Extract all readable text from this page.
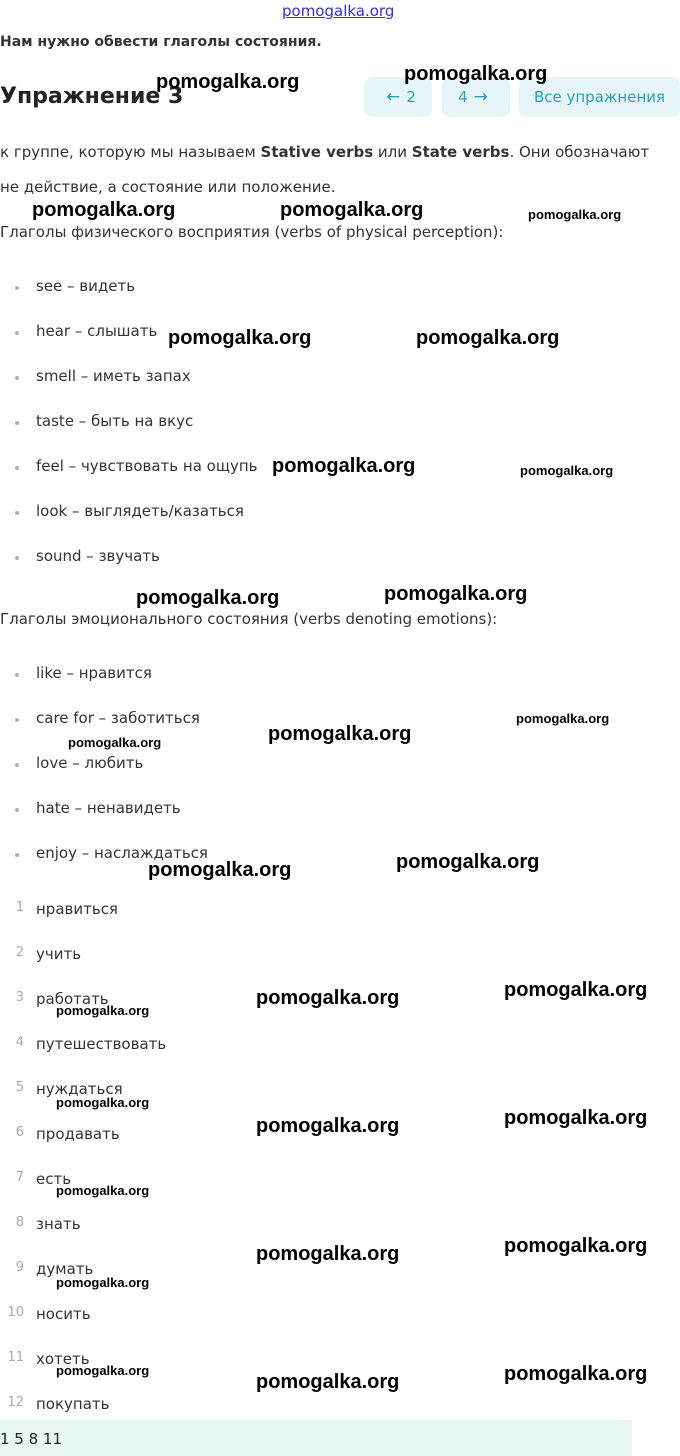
pomogalka.org
Нам нужно обвести глаголы состояния.
Упражнение 3	← 2	4 →	Все упражнения
к группе, которую мы называем Stative verbs или State verbs. Они обозначают
не действие, а состояние или положение.
Глаголы физического восприятия (verbs of physical perception):
see – видеть
hear – слышать
smell – иметь запах
taste – быть на вкус
feel – чувствовать на ощупь
look – выглядеть/казаться
sound – звучать
Глаголы эмоционального состояния (verbs denoting emotions):
like – нравится
care for – заботиться
love – любить
hate – ненавидеть
enjoy – наслаждаться
1 нравиться
2 учить
3 работать
4 путешествовать
5 нуждаться
6 продавать
7 есть
8 знать
9 думать
10 носить
11 хотеть
12 покупать
1 5 8 11
pomogalka.org	pomogalka.org
pomogalka.org	pomogalka.org	pomogalka.org
pomogalka.org	pomogalka.org
pomogalka.org	pomogalka.org
pomogalka.org	pomogalka.org
pomogalka.org
pomogalka.org
pomogalka.org
pomogalka.org	pomogalka.org
pomogalka.org	pomogalka.org
pomogalka.org
pomogalka.org
pomogalka.org	pomogalka.org
pomogalka.org
pomogalka.org	pomogalka.org
pomogalka.org
pomogalka.org
pomogalka.org	pomogalka.org
